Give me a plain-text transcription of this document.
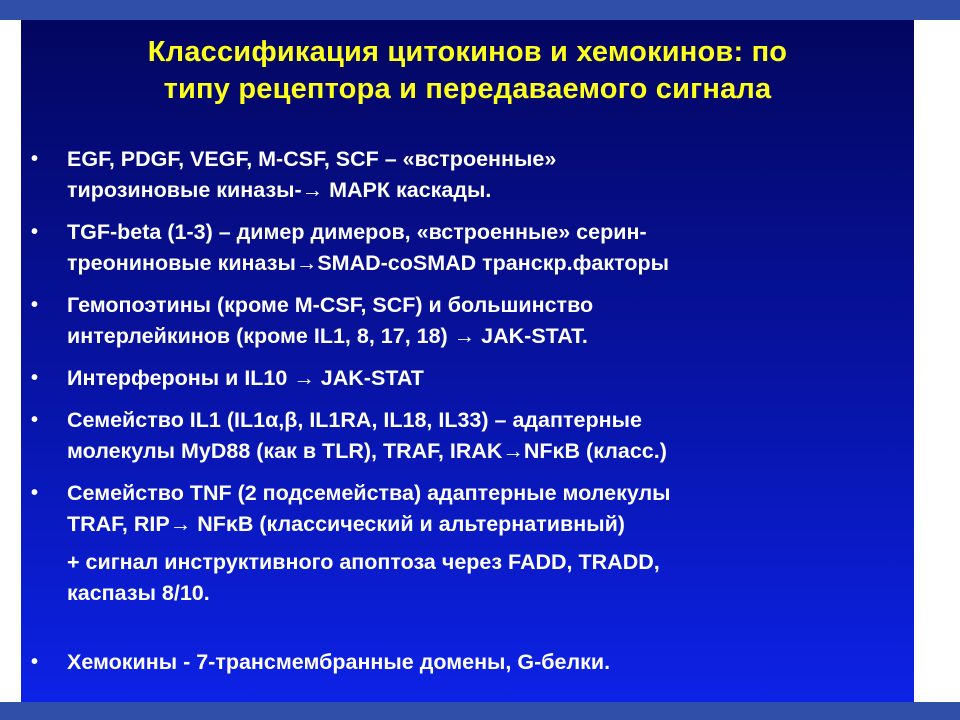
Классификация цитокинов и хемокинов: по
типу рецептора и передаваемого сигнала
• EGF, PDGF, VEGF, M-CSF, SCF – «встроенные»
тирозиновые киназы-→ МАРК каскады.
• TGF-beta (1-3) – димер димеров, «встроенные» серин-
треониновые киназы→SMAD-coSMAD транскр.факторы
• Гемопоэтины (кроме M-CSF, SCF) и большинство
интерлейкинов (кроме IL1, 8, 17, 18) → JAK-STAT.
• Интерфероны и IL10 → JAK-STAT
• Семейство IL1 (IL1α,β, IL1RA, IL18, IL33) – адаптерные
молекулы MyD88 (как в TLR), TRAF, IRAK→NFκB (класс.)
• Семейство TNF (2 подсемейства) адаптерные молекулы
TRAF, RIP→ NFκB (классический и альтернативный)
+ сигнал инструктивного апоптоза через FADD, TRADD,
каспазы 8/10.
• Хемокины - 7-трансмембранные домены, G-белки.
